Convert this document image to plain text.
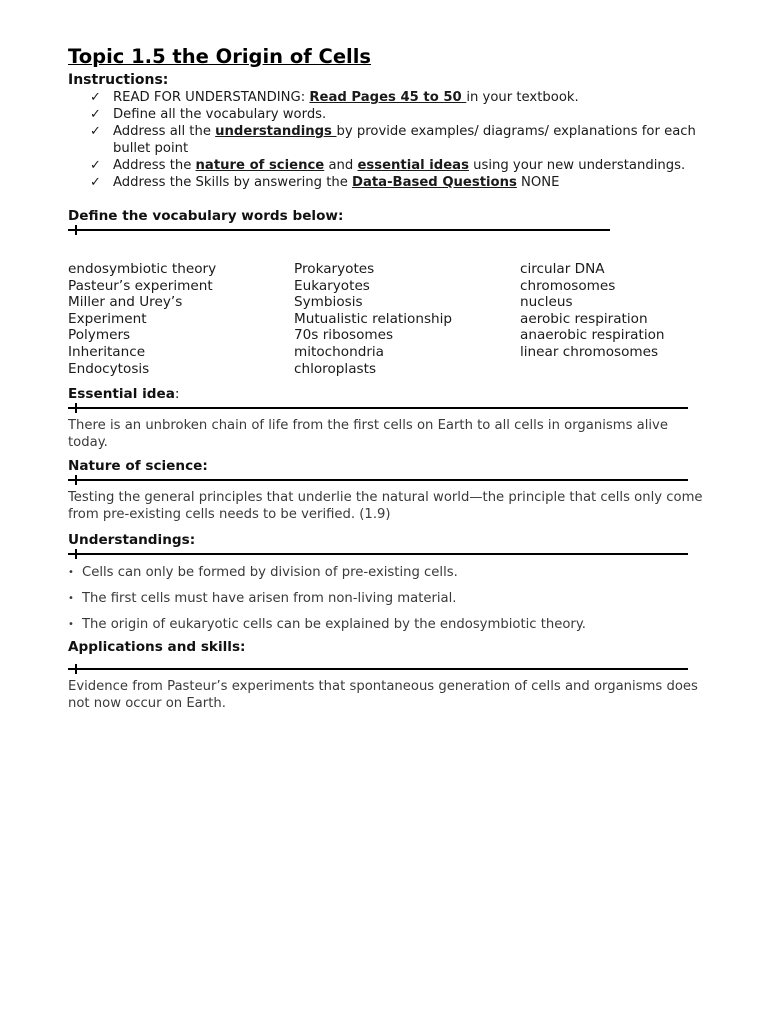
Topic 1.5 the Origin of Cells
Instructions:
✓ READ FOR UNDERSTANDING: Read Pages 45 to 50 in your textbook.
✓ Define all the vocabulary words.
✓ Address all the understandings by provide examples/ diagrams/ explanations for each bullet point
✓ Address the nature of science and essential ideas using your new understandings.
✓ Address the Skills by answering the Data-Based Questions NONE
Define the vocabulary words below:
endosymbiotic theory
Pasteur’s experiment
Miller and Urey’s
Experiment
Polymers
Inheritance
Endocytosis
Prokaryotes
Eukaryotes
Symbiosis
Mutualistic relationship
70s ribosomes
mitochondria
chloroplasts
circular DNA
chromosomes
nucleus
aerobic respiration
anaerobic respiration
linear chromosomes
Essential idea:
There is an unbroken chain of life from the first cells on Earth to all cells in organisms alive today.
Nature of science:
Testing the general principles that underlie the natural world—the principle that cells only come from pre-existing cells needs to be verified. (1.9)
Understandings:
• Cells can only be formed by division of pre-existing cells.
• The first cells must have arisen from non-living material.
• The origin of eukaryotic cells can be explained by the endosymbiotic theory.
Applications and skills:
Evidence from Pasteur’s experiments that spontaneous generation of cells and organisms does not now occur on Earth.
